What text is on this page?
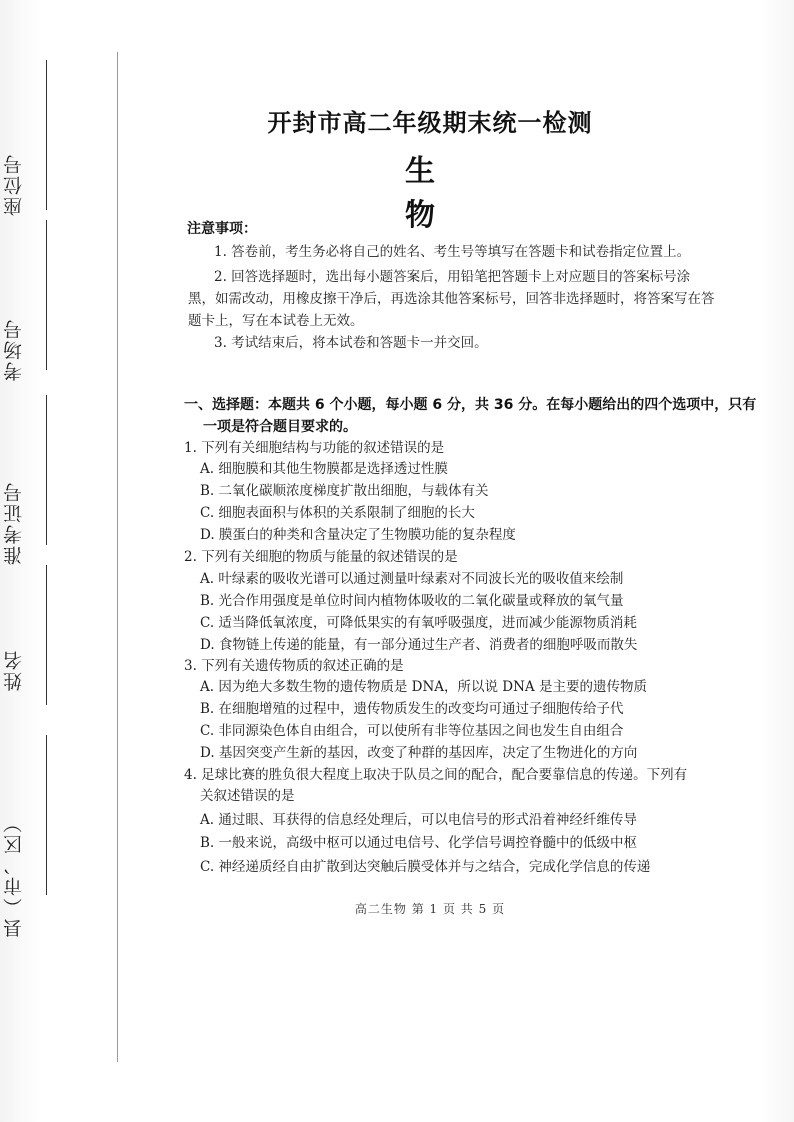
座位号
考场号
准考证号
姓名
县（市、区）
开封市高二年级期末统一检测
生　物
注意事项：
1. 答卷前，考生务必将自己的姓名、考生号等填写在答题卡和试卷指定位置上。
2. 回答选择题时，选出每小题答案后，用铅笔把答题卡上对应题目的答案标号涂
黑，如需改动，用橡皮擦干净后，再选涂其他答案标号，回答非选择题时，将答案写在答
题卡上，写在本试卷上无效。
3. 考试结束后，将本试卷和答题卡一并交回。
一、选择题：本题共 6 个小题，每小题 6 分，共 36 分。在每小题给出的四个选项中，只有
一项是符合题目要求的。
1. 下列有关细胞结构与功能的叙述错误的是
A. 细胞膜和其他生物膜都是选择透过性膜
B. 二氧化碳顺浓度梯度扩散出细胞，与载体有关
C. 细胞表面积与体积的关系限制了细胞的长大
D. 膜蛋白的种类和含量决定了生物膜功能的复杂程度
2. 下列有关细胞的物质与能量的叙述错误的是
A. 叶绿素的吸收光谱可以通过测量叶绿素对不同波长光的吸收值来绘制
B. 光合作用强度是单位时间内植物体吸收的二氧化碳量或释放的氧气量
C. 适当降低氧浓度，可降低果实的有氧呼吸强度，进而减少能源物质消耗
D. 食物链上传递的能量，有一部分通过生产者、消费者的细胞呼吸而散失
3. 下列有关遗传物质的叙述正确的是
A. 因为绝大多数生物的遗传物质是 DNA，所以说 DNA 是主要的遗传物质
B. 在细胞增殖的过程中，遗传物质发生的改变均可通过子细胞传给子代
C. 非同源染色体自由组合，可以使所有非等位基因之间也发生自由组合
D. 基因突变产生新的基因，改变了种群的基因库，决定了生物进化的方向
4. 足球比赛的胜负很大程度上取决于队员之间的配合，配合要靠信息的传递。下列有
关叙述错误的是
A. 通过眼、耳获得的信息经处理后，可以电信号的形式沿着神经纤维传导
B. 一般来说，高级中枢可以通过电信号、化学信号调控脊髓中的低级中枢
C. 神经递质经自由扩散到达突触后膜受体并与之结合，完成化学信息的传递
高二生物 第 1 页 共 5 页
